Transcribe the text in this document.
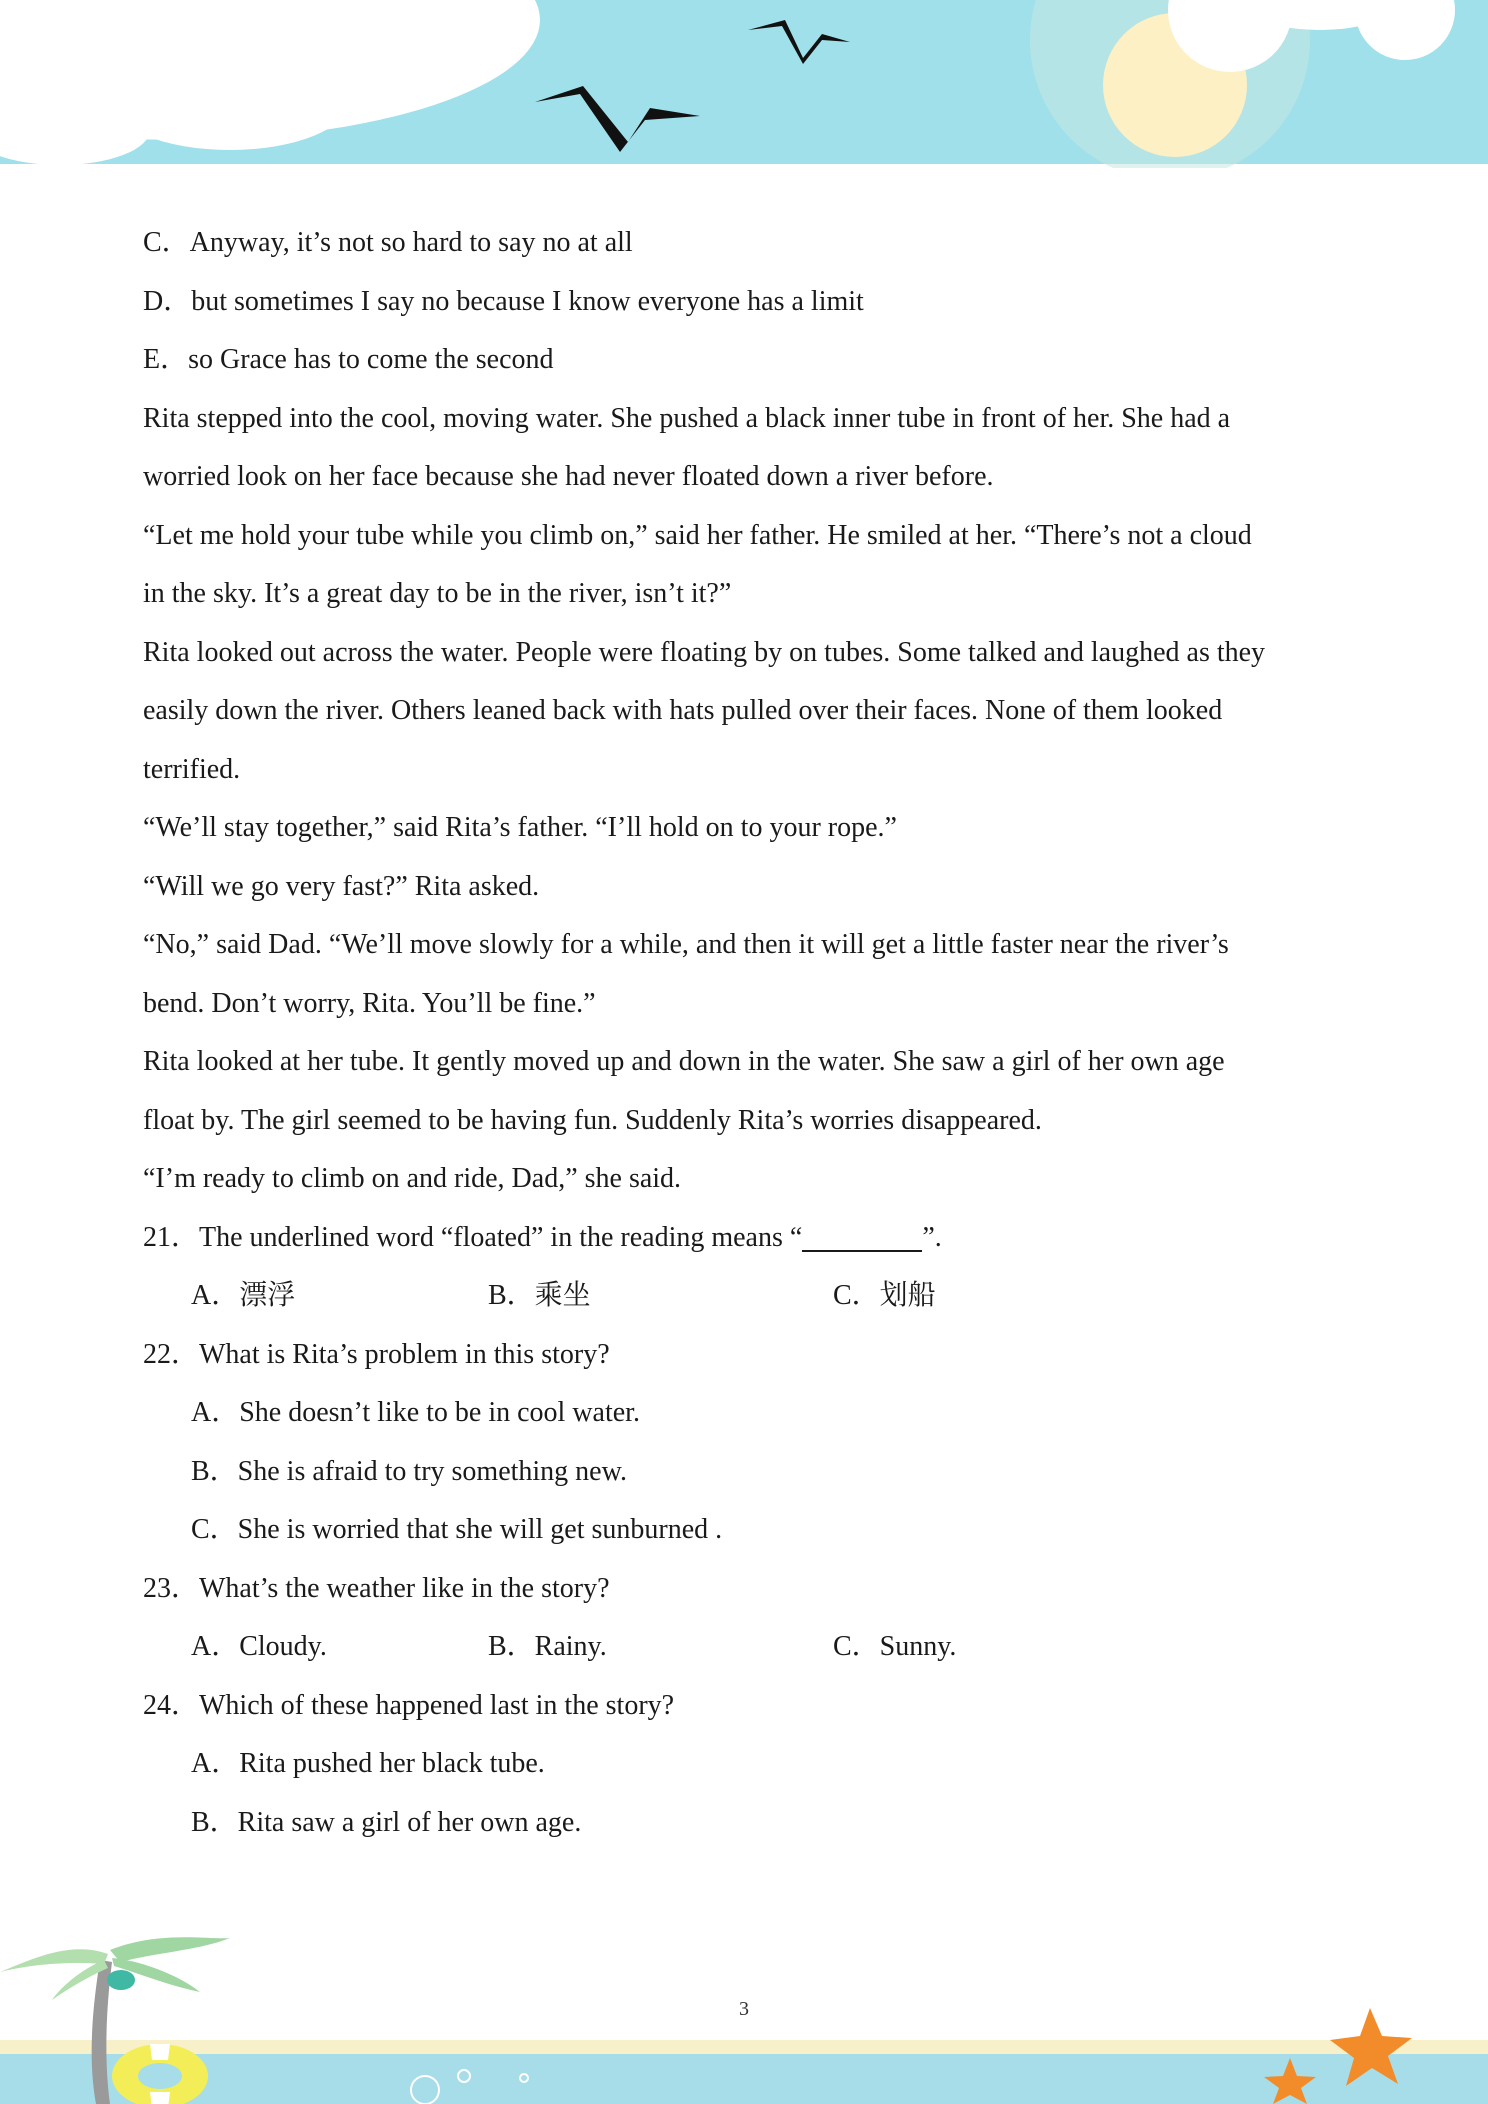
C．Anyway, it’s not so hard to say no at all
D．but sometimes I say no because I know everyone has a limit
E．so Grace has to come the second
Rita stepped into the cool, moving water. She pushed a black inner tube in front of her. She had a
worried look on her face because she had never floated down a river before.
“Let me hold your tube while you climb on,” said her father. He smiled at her. “There’s not a cloud
in the sky. It’s a great day to be in the river, isn’t it?”
Rita looked out across the water. People were floating by on tubes. Some talked and laughed as they
easily down the river. Others leaned back with hats pulled over their faces. None of them looked
terrified.
“We’ll stay together,” said Rita’s father. “I’ll hold on to your rope.”
“Will we go very fast?” Rita asked.
“No,” said Dad. “We’ll move slowly for a while, and then it will get a little faster near the river’s
bend. Don’t worry, Rita. You’ll be fine.”
Rita looked at her tube. It gently moved up and down in the water. She saw a girl of her own age
float by. The girl seemed to be having fun. Suddenly Rita’s worries disappeared.
“I’m ready to climb on and ride, Dad,” she said.
21．The underlined word “floated” in the reading means “	”.
A．漂浮	B．乘坐	C．划船
22．What is Rita’s problem in this story?
A．She doesn’t like to be in cool water.
B．She is afraid to try something new.
C．She is worried that she will get sunburned .
23．What’s the weather like in the story?
A．Cloudy.	B．Rainy.	C．Sunny.
24．Which of these happened last in the story?
A．Rita pushed her black tube.
B．Rita saw a girl of her own age.
3
